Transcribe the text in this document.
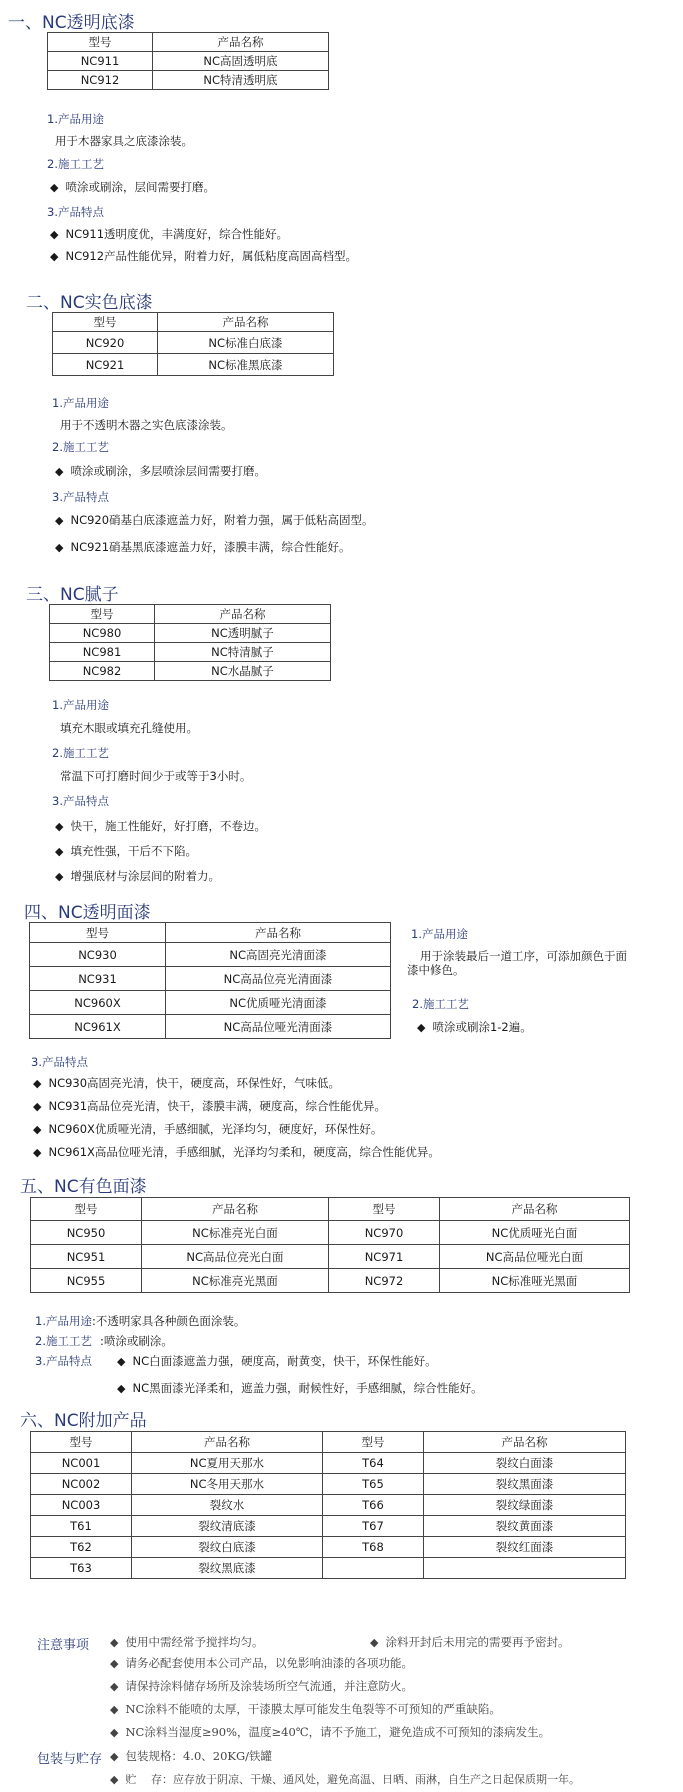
一、NC透明底漆
型号	产品名称
NC911	NC高固透明底
NC912	NC特清透明底
1.产品用途
用于木器家具之底漆涂装。
2.施工工艺
◆ 喷涂或刷涂，层间需要打磨。
3.产品特点
◆ NC911透明度优，丰满度好，综合性能好。
◆ NC912产品性能优异，附着力好，属低粘度高固高档型。
二、NC实色底漆
型号	产品名称
NC920	NC标准白底漆
NC921	NC标准黑底漆
1.产品用途
用于不透明木器之实色底漆涂装。
2.施工工艺
◆ 喷涂或刷涂，多层喷涂层间需要打磨。
3.产品特点
◆ NC920硝基白底漆遮盖力好，附着力强，属于低粘高固型。
◆ NC921硝基黑底漆遮盖力好，漆膜丰满，综合性能好。
三、NC腻子
型号	产品名称
NC980	NC透明腻子
NC981	NC特清腻子
NC982	NC水晶腻子
1.产品用途
填充木眼或填充孔缝使用。
2.施工工艺
常温下可打磨时间少于或等于3小时。
3.产品特点
◆ 快干，施工性能好，好打磨，不卷边。
◆ 填充性强，干后不下陷。
◆ 增强底材与涂层间的附着力。
四、NC透明面漆
型号	产品名称
NC930	NC高固亮光清面漆
NC931	NC高品位亮光清面漆
NC960X	NC优质哑光清面漆
NC961X	NC高品位哑光清面漆
1.产品用途
用于涂装最后一道工序，可添加颜色于面
漆中修色。
2.施工工艺
◆ 喷涂或刷涂1-2遍。
3.产品特点
◆ NC930高固亮光清，快干，硬度高，环保性好，气味低。
◆ NC931高品位亮光清，快干，漆膜丰满，硬度高，综合性能优异。
◆ NC960X优质哑光清，手感细腻，光泽均匀，硬度好，环保性好。
◆ NC961X高品位哑光清，手感细腻，光泽均匀柔和，硬度高，综合性能优异。
五、NC有色面漆
型号	产品名称	型号	产品名称
NC950	NC标准亮光白面	NC970	NC优质哑光白面
NC951	NC高品位亮光白面	NC971	NC高品位哑光白面
NC955	NC标准亮光黑面	NC972	NC标准哑光黑面
1.产品用途:不透明家具各种颜色面涂装。
2.施工工艺 :喷涂或刷涂。
3.产品特点	◆ NC白面漆遮盖力强，硬度高，耐黄变，快干，环保性能好。
◆ NC黑面漆光泽柔和，遮盖力强，耐候性好，手感细腻，综合性能好。
六、NC附加产品
型号	产品名称	型号	产品名称
NC001	NC夏用天那水	T64	裂纹白面漆
NC002	NC冬用天那水	T65	裂纹黑面漆
NC003	裂纹水	T66	裂纹绿面漆
T61	裂纹清底漆	T67	裂纹黄面漆
T62	裂纹白底漆	T68	裂纹红面漆
T63	裂纹黑底漆		
注意事项	◆ 使用中需经常予搅拌均匀。	◆ 涂料开封后未用完的需要再予密封。
◆ 请务必配套使用本公司产品，以免影响油漆的各项功能。
◆ 请保持涂料储存场所及涂装场所空气流通，并注意防火。
◆ NC涂料不能喷的太厚，干漆膜太厚可能发生龟裂等不可预知的严重缺陷。
◆ NC涂料当湿度≥90%，温度≥40℃，请不予施工，避免造成不可预知的漆病发生。
包装与贮存	◆ 包装规格：4.0、20KG/铁罐
◆ 贮　 存：应存放于阴凉、干燥、通风处，避免高温、日晒、雨淋，自生产之日起保质期一年。
